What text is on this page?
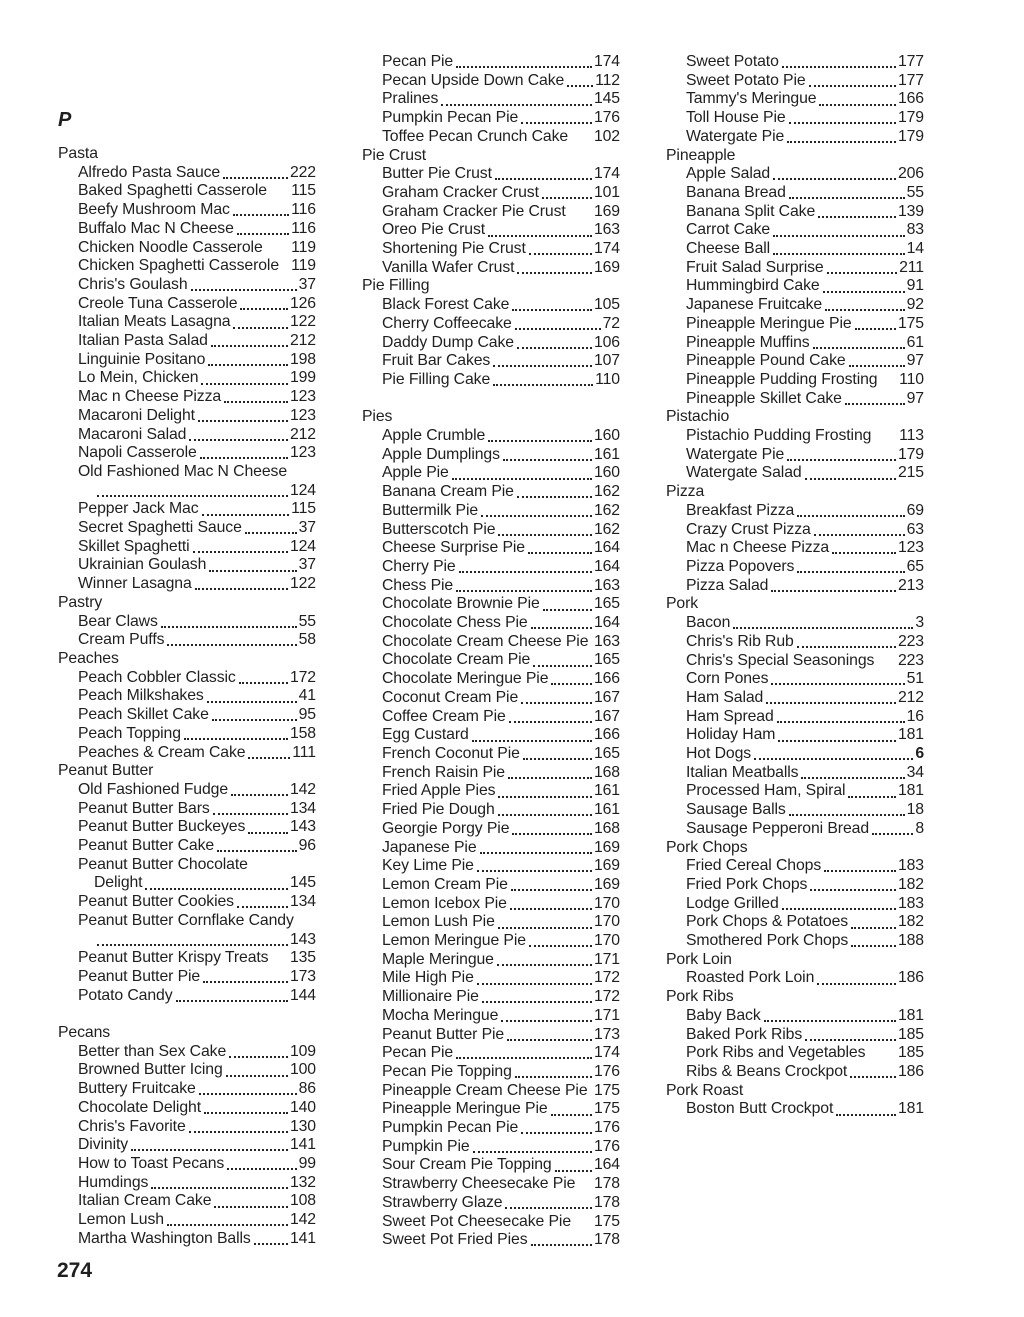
P
Pasta
Alfredo Pasta Sauce	222
Baked Spaghetti Casserole 115
Beefy Mushroom Mac	116
Buffalo Mac N Cheese	116
Chicken Noodle Casserole 119
Chicken Spaghetti Casserole 119
Chris's Goulash	37
Creole Tuna Casserole	126
Italian Meats Lasagna	122
Italian Pasta Salad	212
Linguinie Positano	198
Lo Mein, Chicken	199
Mac n Cheese Pizza	123
Macaroni Delight	123
Macaroni Salad	212
Napoli Casserole	123
Old Fashioned Mac N Cheese
124
Pepper Jack Mac	115
Secret Spaghetti Sauce	37
Skillet Spaghetti	124
Ukrainian Goulash	37
Winner Lasagna	122
Pastry
Bear Claws	55
Cream Puffs	58
Peaches
Peach Cobbler Classic	172
Peach Milkshakes	41
Peach Skillet Cake	95
Peach Topping	158
Peaches & Cream Cake	111
Peanut Butter
Old Fashioned Fudge	142
Peanut Butter Bars	134
Peanut Butter Buckeyes	143
Peanut Butter Cake	96
Peanut Butter Chocolate
Delight	145
Peanut Butter Cookies	134
Peanut Butter Cornflake Candy
143
Peanut Butter Krispy Treats 135
Peanut Butter Pie	173
Potato Candy	144
Pecans
Better than Sex Cake	109
Browned Butter Icing	100
Buttery Fruitcake	86
Chocolate Delight	140
Chris's Favorite	130
Divinity	141
How to Toast Pecans	99
Humdings	132
Italian Cream Cake	108
Lemon Lush	142
Martha Washington Balls 141
Pecan Pie	174
Pecan Upside Down Cake 112
Pralines	145
Pumpkin Pecan Pie	176
Toffee Pecan Crunch Cake 102
Pie Crust
Butter Pie Crust	174
Graham Cracker Crust	101
Graham Cracker Pie Crust 169
Oreo Pie Crust	163
Shortening Pie Crust	174
Vanilla Wafer Crust	169
Pie Filling
Black Forest Cake	105
Cherry Coffeecake	72
Daddy Dump Cake	106
Fruit Bar Cakes	107
Pie Filling Cake	110
Pies
Apple Crumble	160
Apple Dumplings	161
Apple Pie	160
Banana Cream Pie	162
Buttermilk Pie	162
Butterscotch Pie	162
Cheese Surprise Pie	164
Cherry Pie	164
Chess Pie	163
Chocolate Brownie Pie	165
Chocolate Chess Pie	164
Chocolate Cream Cheese Pie 163
Chocolate Cream Pie	165
Chocolate Meringue Pie	166
Coconut Cream Pie	167
Coffee Cream Pie	167
Egg Custard	166
French Coconut Pie	165
French Raisin Pie	168
Fried Apple Pies	161
Fried Pie Dough	161
Georgie Porgy Pie	168
Japanese Pie	169
Key Lime Pie	169
Lemon Cream Pie	169
Lemon Icebox Pie	170
Lemon Lush Pie	170
Lemon Meringue Pie	170
Maple Meringue	171
Mile High Pie	172
Millionaire Pie	172
Mocha Meringue	171
Peanut Butter Pie	173
Pecan Pie	174
Pecan Pie Topping	176
Pineapple Cream Cheese Pie 175
Pineapple Meringue Pie	175
Pumpkin Pecan Pie	176
Pumpkin Pie	176
Sour Cream Pie Topping	164
Strawberry Cheesecake Pie 178
Strawberry Glaze	178
Sweet Pot Cheesecake Pie 175
Sweet Pot Fried Pies	178
Sweet Potato	177
Sweet Potato Pie	177
Tammy's Meringue	166
Toll House Pie	179
Watergate Pie	179
Pineapple
Apple Salad	206
Banana Bread	55
Banana Split Cake	139
Carrot Cake	83
Cheese Ball	14
Fruit Salad Surprise	211
Hummingbird Cake	91
Japanese Fruitcake	92
Pineapple Meringue Pie	175
Pineapple Muffins	61
Pineapple Pound Cake	97
Pineapple Pudding Frosting 110
Pineapple Skillet Cake	97
Pistachio
Pistachio Pudding Frosting 113
Watergate Pie	179
Watergate Salad	215
Pizza
Breakfast Pizza	69
Crazy Crust Pizza	63
Mac n Cheese Pizza	123
Pizza Popovers	65
Pizza Salad	213
Pork
Bacon	3
Chris's Rib Rub	223
Chris's Special Seasonings 223
Corn Pones	51
Ham Salad	212
Ham Spread	16
Holiday Ham	181
Hot Dogs	6
Italian Meatballs	34
Processed Ham, Spiral	181
Sausage Balls	18
Sausage Pepperoni Bread	8
Pork Chops
Fried Cereal Chops	183
Fried Pork Chops	182
Lodge Grilled	183
Pork Chops & Potatoes	182
Smothered Pork Chops	188
Pork Loin
Roasted Pork Loin	186
Pork Ribs
Baby Back	181
Baked Pork Ribs	185
Pork Ribs and Vegetables 185
Ribs & Beans Crockpot	186
Pork Roast
Boston Butt Crockpot	181
274
